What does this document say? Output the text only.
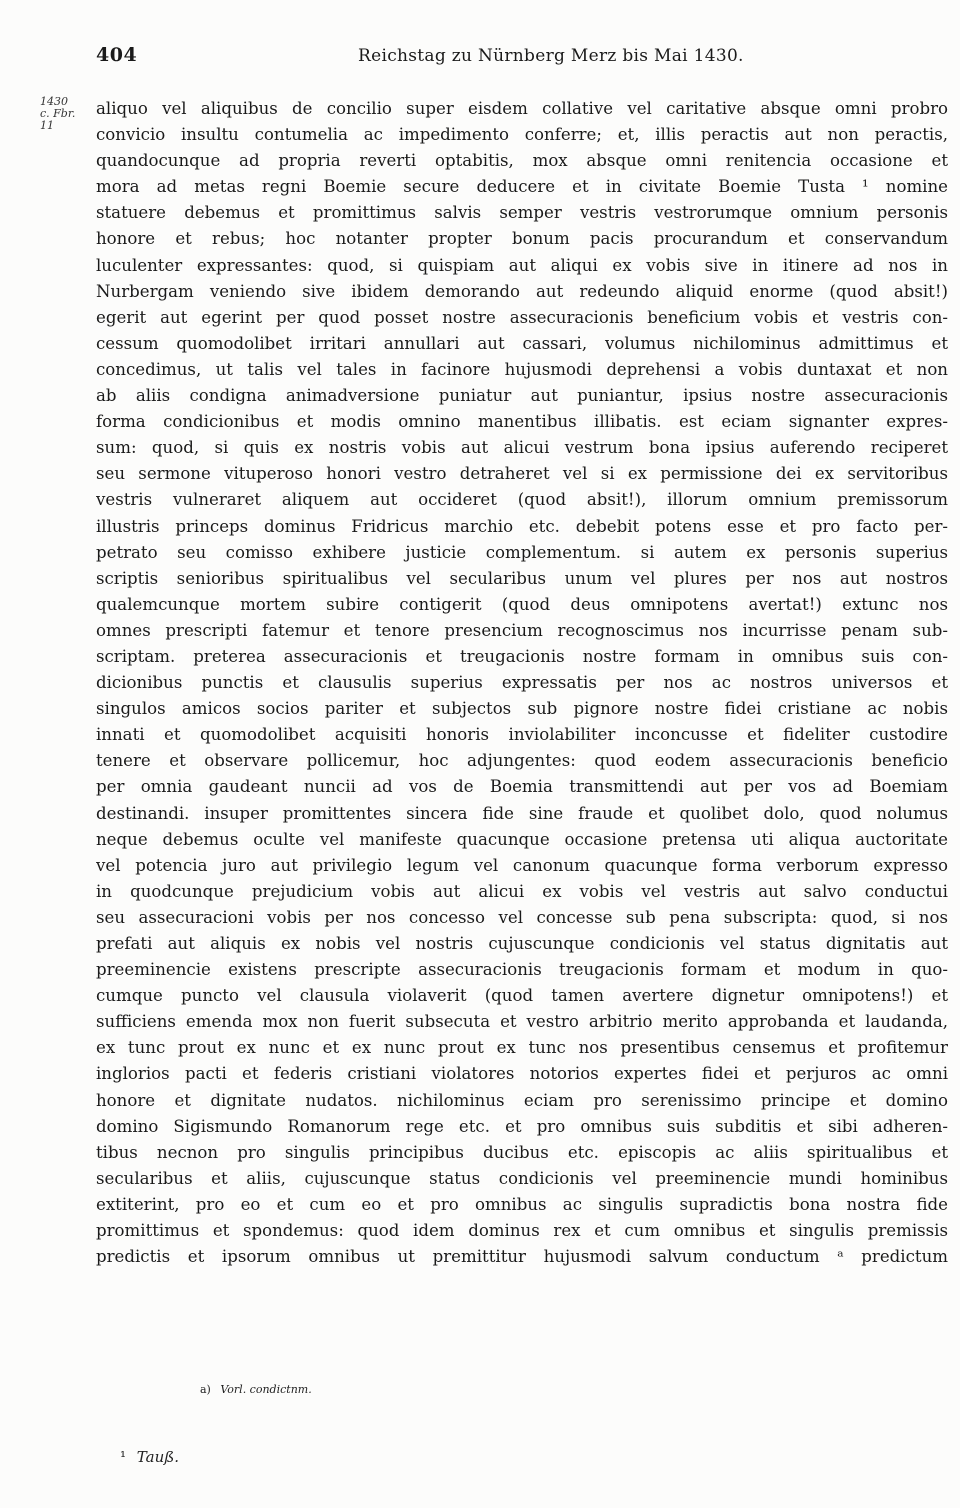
404	Reichstag zu Nürnberg Merz bis Mai 1430.
1430
c. Fbr.
11
aliquo vel aliquibus de concilio super eisdem collative vel caritative absque omni probro
convicio insultu contumelia ac impedimento conferre; et, illis peractis aut non peractis,
quandocunque ad propria reverti optabitis, mox absque omni renitencia occasione et
mora ad metas regni Boemie secure deducere et in civitate Boemie Tusta ¹ nomine
statuere debemus et promittimus salvis semper vestris vestrorumque omnium personis
honore et rebus; hoc notanter propter bonum pacis procurandum et conservandum
luculenter expressantes: quod, si quispiam aut aliqui ex vobis sive in itinere ad nos in
Nurbergam veniendo sive ibidem demorando aut redeundo aliquid enorme (quod absit!)
egerit aut egerint per quod posset nostre assecuracionis beneficium vobis et vestris con-
cessum quomodolibet irritari annullari aut cassari, volumus nichilominus admittimus et
concedimus, ut talis vel tales in facinore hujusmodi deprehensi a vobis duntaxat et non
ab aliis condigna animadversione puniatur aut puniantur, ipsius nostre assecuracionis
forma condicionibus et modis omnino manentibus illibatis. est eciam signanter expres-
sum: quod, si quis ex nostris vobis aut alicui vestrum bona ipsius auferendo reciperet
seu sermone vituperoso honori vestro detraheret vel si ex permissione dei ex servitoribus
vestris vulneraret aliquem aut occideret (quod absit!), illorum omnium premissorum
illustris princeps dominus Fridricus marchio etc. debebit potens esse et pro facto per-
petrato seu comisso exhibere justicie complementum. si autem ex personis superius
scriptis senioribus spiritualibus vel secularibus unum vel plures per nos aut nostros
qualemcunque mortem subire contigerit (quod deus omnipotens avertat!) extunc nos
omnes prescripti fatemur et tenore presencium recognoscimus nos incurrisse penam sub-
scriptam. preterea assecuracionis et treugacionis nostre formam in omnibus suis con-
dicionibus punctis et clausulis superius expressatis per nos ac nostros universos et
singulos amicos socios pariter et subjectos sub pignore nostre fidei cristiane ac nobis
innati et quomodolibet acquisiti honoris inviolabiliter inconcusse et fideliter custodire
tenere et observare pollicemur, hoc adjungentes: quod eodem assecuracionis beneficio
per omnia gaudeant nuncii ad vos de Boemia transmittendi aut per vos ad Boemiam
destinandi. insuper promittentes sincera fide sine fraude et quolibet dolo, quod nolumus
neque debemus oculte vel manifeste quacunque occasione pretensa uti aliqua auctoritate
vel potencia juro aut privilegio legum vel canonum quacunque forma verborum expresso
in quodcunque prejudicium vobis aut alicui ex vobis vel vestris aut salvo conductui
seu assecuracioni vobis per nos concesso vel concesse sub pena subscripta: quod, si nos
prefati aut aliquis ex nobis vel nostris cujuscunque condicionis vel status dignitatis aut
preeminencie existens prescripte assecuracionis treugacionis formam et modum in quo-
cumque puncto vel clausula violaverit (quod tamen avertere dignetur omnipotens!) et
sufficiens emenda mox non fuerit subsecuta et vestro arbitrio merito approbanda et laudanda,
ex tunc prout ex nunc et ex nunc prout ex tunc nos presentibus censemus et profitemur
inglorios pacti et federis cristiani violatores notorios expertes fidei et perjuros ac omni
honore et dignitate nudatos. nichilominus eciam pro serenissimo principe et domino
domino Sigismundo Romanorum rege etc. et pro omnibus suis subditis et sibi adheren-
tibus necnon pro singulis principibus ducibus etc. episcopis ac aliis spiritualibus et
secularibus et aliis, cujuscunque status condicionis vel preeminencie mundi hominibus
extiterint, pro eo et cum eo et pro omnibus ac singulis supradictis bona nostra fide
promittimus et spondemus: quod idem dominus rex et cum omnibus et singulis premissis
predictis et ipsorum omnibus ut premittitur hujusmodi salvum conductum ᵃ predictum
a) Vorl. condictnm.
¹ Tauß.
